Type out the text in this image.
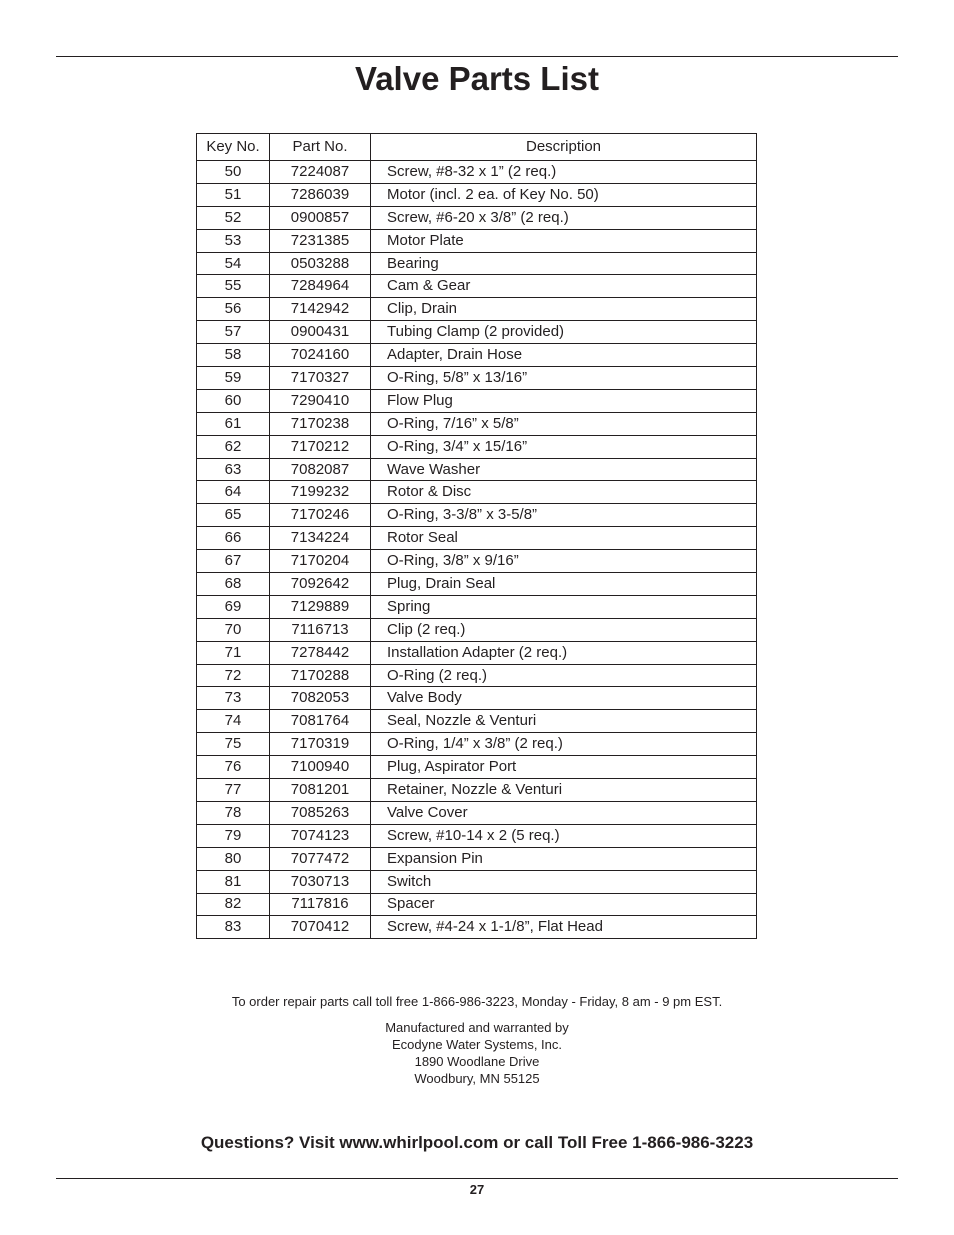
Valve Parts List
Key No.	Part No.	Description
50	7224087	Screw, #8-32 x 1” (2 req.)
51	7286039	Motor (incl. 2 ea. of Key No. 50)
52	0900857	Screw, #6-20 x 3/8” (2 req.)
53	7231385	Motor Plate
54	0503288	Bearing
55	7284964	Cam & Gear
56	7142942	Clip, Drain
57	0900431	Tubing Clamp (2 provided)
58	7024160	Adapter, Drain Hose
59	7170327	O-Ring, 5/8” x 13/16”
60	7290410	Flow Plug
61	7170238	O-Ring, 7/16” x 5/8”
62	7170212	O-Ring, 3/4” x 15/16”
63	7082087	Wave Washer
64	7199232	Rotor & Disc
65	7170246	O-Ring, 3-3/8” x 3-5/8”
66	7134224	Rotor Seal
67	7170204	O-Ring, 3/8” x 9/16”
68	7092642	Plug, Drain Seal
69	7129889	Spring
70	7116713	Clip (2 req.)
71	7278442	Installation Adapter (2 req.)
72	7170288	O-Ring (2 req.)
73	7082053	Valve Body
74	7081764	Seal, Nozzle & Venturi
75	7170319	O-Ring, 1/4” x 3/8” (2 req.)
76	7100940	Plug, Aspirator Port
77	7081201	Retainer, Nozzle & Venturi
78	7085263	Valve Cover
79	7074123	Screw, #10-14 x 2 (5 req.)
80	7077472	Expansion Pin
81	7030713	Switch
82	7117816	Spacer
83	7070412	Screw, #4-24 x 1-1/8”, Flat Head
To order repair parts call toll free 1-866-986-3223, Monday - Friday, 8 am - 9 pm EST.
Manufactured and warranted by
Ecodyne Water Systems, Inc.
1890 Woodlane Drive
Woodbury, MN 55125
Questions? Visit www.whirlpool.com or call Toll Free 1-866-986-3223
27
